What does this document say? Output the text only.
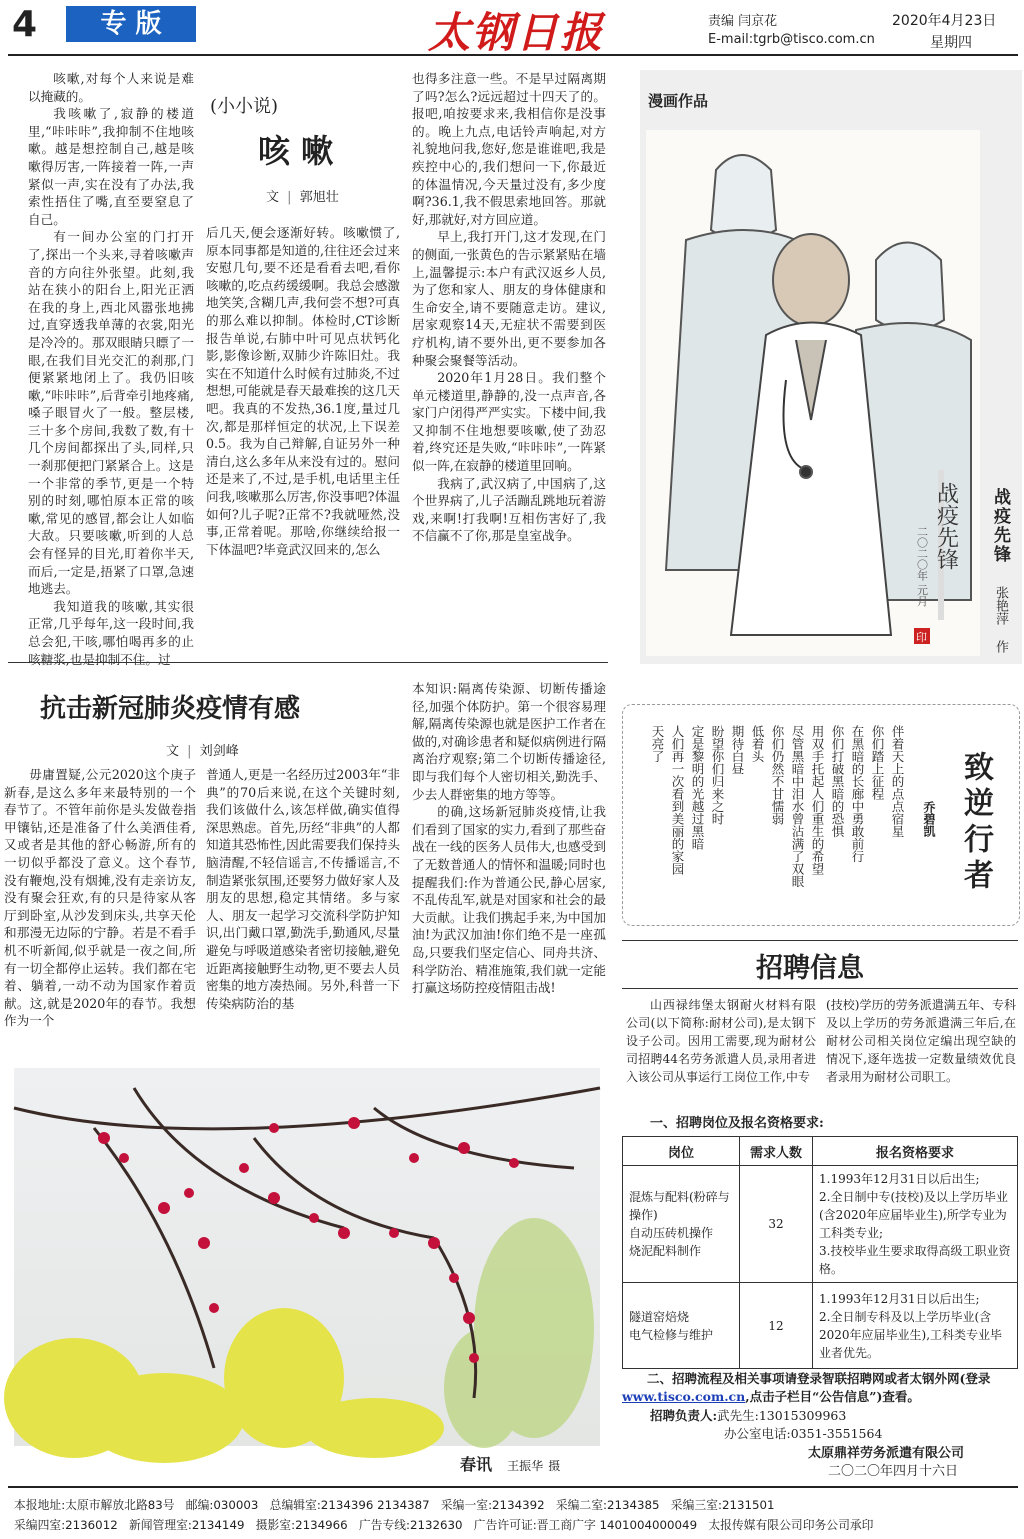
4	专 版	太钢日报	责编 闫京花
E-mail:tgrb@tisco.com.cn
2020年4月23日
星期四
(小小说)
咳 嗽
文 | 郭旭壮

咳嗽,对每个人来说是难以掩藏的。

我咳嗽了,寂静的楼道里,“咔咔咔”,我抑制不住地咳嗽。越是想控制自己,越是咳嗽得厉害,一阵接着一阵,一声紧似一声,实在没有了办法,我索性捂住了嘴,直至要窒息了自己。

有一间办公室的门打开了,探出一个头来,寻着咳嗽声音的方向往外张望。此刻,我站在狭小的阳台上,阳光正洒在我的身上,西北风嚣张地拂过,直穿透我单薄的衣裳,阳光是冷冷的。那双眼睛只瞟了一眼,在我们目光交汇的刹那,门便紧紧地闭上了。我仍旧咳嗽,“咔咔咔”,后背牵引地疼痛,嗓子眼冒火了一般。整层楼,三十多个房间,我数了数,有十几个房间都探出了头,同样,只一刹那便把门紧紧合上。这是一个非常的季节,更是一个特别的时刻,哪怕原本正常的咳嗽,常见的感冒,都会让人如临大敌。只要咳嗽,听到的人总会有怪异的目光,盯着你半天,而后,一定是,捂紧了口罩,急速地逃去。

我知道我的咳嗽,其实很正常,几乎每年,这一段时间,我总会犯,干咳,哪怕喝再多的止咳糖浆,也是抑制不住。过

后几天,便会逐渐好转。咳嗽惯了,原本同事都是知道的,往往还会过来安慰几句,要不还是看看去吧,看你咳嗽的,吃点药缓缓啊。我总会感激地笑笑,含糊几声,我何尝不想?可真的那么难以抑制。体检时,CT诊断报告单说,右肺中叶可见点状钙化影,影像诊断,双肺少许陈旧灶。我实在不知道什么时候有过肺炎,不过想想,可能就是春天最难挨的这几天吧。我真的不发热,36.1度,量过几次,都是那样恒定的状况,上下误差0.5。我为自己辩解,自证另外一种清白,这么多年从来没有过的。慰问还是来了,不过,是手机,电话里主任问我,咳嗽那么厉害,你没事吧?体温如何?儿子呢?正常不?我就哑然,没事,正常着呢。那啥,你继续给报一下体温吧?毕竟武汉回来的,怎么

也得多注意一些。不是早过隔离期了吗?怎么?远远超过十四天了的。报吧,咱按要求来,我相信你是没事的。晚上九点,电话铃声响起,对方礼貌地问我,您好,您是谁谁吧,我是疾控中心的,我们想问一下,你最近的体温情况,今天量过没有,多少度啊?36.1,我不假思索地回答。那就好,那就好,对方回应道。

早上,我打开门,这才发现,在门的侧面,一张黄色的告示紧紧贴在墙上,温馨提示:本户有武汉返乡人员,为了您和家人、朋友的身体健康和生命安全,请不要随意走访。建议,居家观察14天,无症状不需要到医疗机构,请不要外出,更不要参加各种聚会聚餐等活动。

2020年1月28日。我们整个单元楼道里,静静的,没一点声音,各家门户闭得严严实实。下楼中间,我又抑制不住地想要咳嗽,使了劲忍着,终究还是失败,“咔咔咔”,一阵紧似一阵,在寂静的楼道里回响。

我病了,武汉病了,中国病了,这个世界病了,儿子活蹦乱跳地玩着游戏,来啊!打我啊!互相伤害好了,我不信赢不了你,那是皇室战争。

漫画作品
战疫先锋
二〇二〇年 元月
印
战疫先锋
张艳萍
作
抗击新冠肺炎疫情有感
文 | 刘剑峰

毋庸置疑,公元2020这个庚子新春,是这么多年来最特别的一个春节了。不管年前你是头发做卷指甲镶钻,还是准备了什么美酒佳肴,又或者是其他的舒心畅游,所有的一切似乎都没了意义。这个春节,没有鞭炮,没有烟摊,没有走亲访友,没有聚会狂欢,有的只是待家从客厅到卧室,从沙发到床头,共享天伦和那漫无边际的宁静。若是不看手机不听新闻,似乎就是一夜之间,所有一切全都停止运转。我们都在宅着、躺着,一动不动为国家作着贡献。这,就是2020年的春节。我想作为一个

普通人,更是一名经历过2003年“非典”的70后来说,在这个关键时刻,我们该做什么,该怎样做,确实值得深思熟虑。首先,历经“非典”的人都知道其恐怖性,因此需要我们保持头脑清醒,不轻信谣言,不传播谣言,不制造紧张氛围,还要努力做好家人及朋友的思想,稳定其情绪。多与家人、朋友一起学习交流科学防护知识,出门戴口罩,勤洗手,勤通风,尽量避免与呼吸道感染者密切接触,避免近距离接触野生动物,更不要去人员密集的地方凑热闹。另外,科普一下传染病防治的基

本知识:隔离传染源、切断传播途径,加强个体防护。第一个很容易理解,隔离传染源也就是医护工作者在做的,对确诊患者和疑似病例进行隔离治疗观察;第二个切断传播途径,即与我们每个人密切相关,勤洗手、少去人群密集的地方等等。

的确,这场新冠肺炎疫情,让我们看到了国家的实力,看到了那些奋战在一线的医务人员伟大,也感受到了无数普通人的情怀和温暖;同时也提醒我们:作为普通公民,静心居家,不乱传乱军,就是对国家和社会的最大贡献。让我们携起手来,为中国加油!为武汉加油!你们绝不是一座孤岛,只要我们坚定信心、同舟共济、科学防治、精准施策,我们就一定能打赢这场防控疫情阻击战!

致逆行者
乔碧凯
伴着天上的点点宿星
你们踏上征程
在黑暗的长廊中勇敢前行
你们打破黑暗的恐惧
用双手托起人们重生的希望
尽管黑暗中泪水曾沾满了双眼
你们仍然不甘懦弱
低着头
期待白昼
盼望你们归来之时
定是黎明的光越过黑暗
人们再一次看到美丽的家园
天亮了
招聘信息

山西禄纬堡太钢耐火材料有限公司(以下简称:耐材公司),是太钢下设子公司。因用工需要,现为耐材公司招聘44名劳务派遣人员,录用者进入该公司从事运行工岗位工作,中专

(技校)学历的劳务派遣满五年、专科及以上学历的劳务派遣满三年后,在耐材公司相关岗位定编出现空缺的情况下,逐年选拔一定数量绩效优良者录用为耐材公司职工。

一、招聘岗位及报名资格要求:
岗位	需求人数	报名资格要求
混炼与配料(粉碎与操作)
自动压砖机操作
烧泥配料制作	32	1.1993年12月31日以后出生;
2.全日制中专(技校)及以上学历毕业(含2020年应届毕业生),所学专业为工科类专业;
3.技校毕业生要求取得高级工职业资格。
隧道窑焙烧
电气检修与维护	12	1.1993年12月31日以后出生;
2.全日制专科及以上学历毕业(含2020年应届毕业生),工科类专业毕业者优先。
二、招聘流程及相关事项请登录智联招聘网或者太钢外网(登录www.tisco.com.cn,点击子栏目“公告信息”)查看。
招聘负责人:武先生:13015309963
办公室电话:0351-3551564
太原鼎祥劳务派遣有限公司
二〇二〇年四月十六日
春讯 王振华 摄
本报地址:太原市解放北路83号   邮编:030003   总编辑室:2134396 2134387   采编一室:2134392   采编二室:2134385   采编三室:2131501
采编四室:2136012   新闻管理室:2134149   摄影室:2134966   广告专线:2132630   广告许可证:晋工商广字 1401004000049   太报传媒有限公司印务公司承印
